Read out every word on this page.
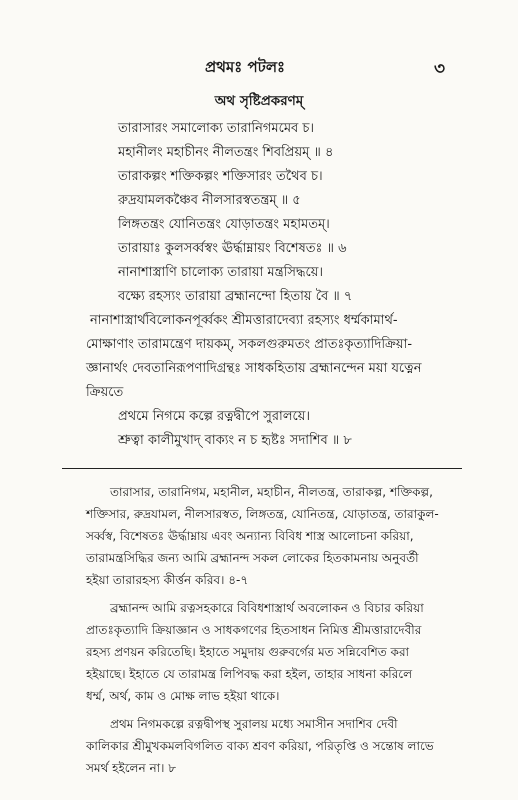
প্রথমঃ পটলঃ	৩
অথ সৃষ্টিপ্রকরণম্
তারাসারং সমালোক্য তারানিগমমেব চ।
মহানীলং মহাচীনং নীলতন্ত্রং শিবপ্রিয়ম্ ॥ ৪
তারাকল্পং শক্তিকল্পং শক্তিসারং তথৈব চ।
রুদ্রযামলকঞ্চৈব নীলসারস্বতন্ত্রম্ ॥ ৫
লিঙ্গতন্ত্রং যোনিতন্ত্রং যোড়াতন্ত্রং মহামতম্।
তারায়াঃ কুলসর্ব্বস্বং ঊর্দ্ধাম্নায়ং বিশেষতঃ ॥ ৬
নানাশাস্ত্রাণি চালোক্য তারায়া মন্ত্রসিদ্ধয়ে।
বক্ষ্যে রহস্যং তারায়া ব্রহ্মানন্দো হিতায় বৈ ॥ ৭
নানাশাস্ত্রার্থবিলোকনপূর্ব্বকং শ্রীমত্তারাদেব্যা রহস্যং ধর্ম্মকামার্থ-
মোক্ষাণাং তারামন্ত্রেণ দায়কম্, সকলগুরুমতং প্রাতঃকৃত্যাদিক্রিয়া-
জ্ঞানার্থং দেবতানিরূপণাদিগ্রন্থঃ সাধকহিতায় ব্রহ্মানন্দেন ময়া যত্নেন
ক্রিয়তে
প্রথমে নিগমে কল্পে রত্নদ্বীপে সুরালয়ে।
শ্রুত্বা কালীমুখাদ্ বাক্যং ন চ হৃষ্টঃ সদাশিব ॥ ৮
তারাসার, তারানিগম, মহানীল, মহাচীন, নীলতন্ত্র, তারাকল্প, শক্তিকল্প,
শক্তিসার, রুদ্রযামল, নীলসারস্বত, লিঙ্গতন্ত্র, যোনিতন্ত্র, যোড়াতন্ত্র, তারাকুল-
সর্ব্বস্ব, বিশেষতঃ ঊর্দ্ধাম্নায় এবং অন্যান্য বিবিধ শাস্ত্র আলোচনা করিয়া,
তারামন্ত্রসিদ্ধির জন্য আমি ব্রহ্মানন্দ সকল লোকের হিতকামনায় অনুবর্তী
হইয়া তারারহস্য কীর্ত্তন করিব। ৪-৭
ব্রহ্মানন্দ আমি রত্নসহকারে বিবিধশাস্ত্রার্থ অবলোকন ও বিচার করিয়া
প্রাতঃকৃত্যাদি ক্রিয়াজ্ঞান ও সাধকগণের হিতসাধন নিমিত্ত শ্রীমত্তারাদেবীর
রহস্য প্রণয়ন করিতেছি। ইহাতে সমুদায় গুরুবর্গের মত সন্নিবেশিত করা
হইয়াছে। ইহাতে যে তারামন্ত্র লিপিবদ্ধ করা হইল, তাহার সাধনা করিলে
ধর্ম্ম, অর্থ, কাম ও মোক্ষ লাভ হইয়া থাকে।
প্রথম নিগমকল্পে রত্নদ্বীপস্থ সুরালয় মধ্যে সমাসীন সদাশিব দেবী
কালিকার শ্রীমুখকমলবিগলিত বাক্য শ্রবণ করিয়া, পরিতৃপ্তি ও সন্তোষ লাভে
সমর্থ হইলেন না। ৮
